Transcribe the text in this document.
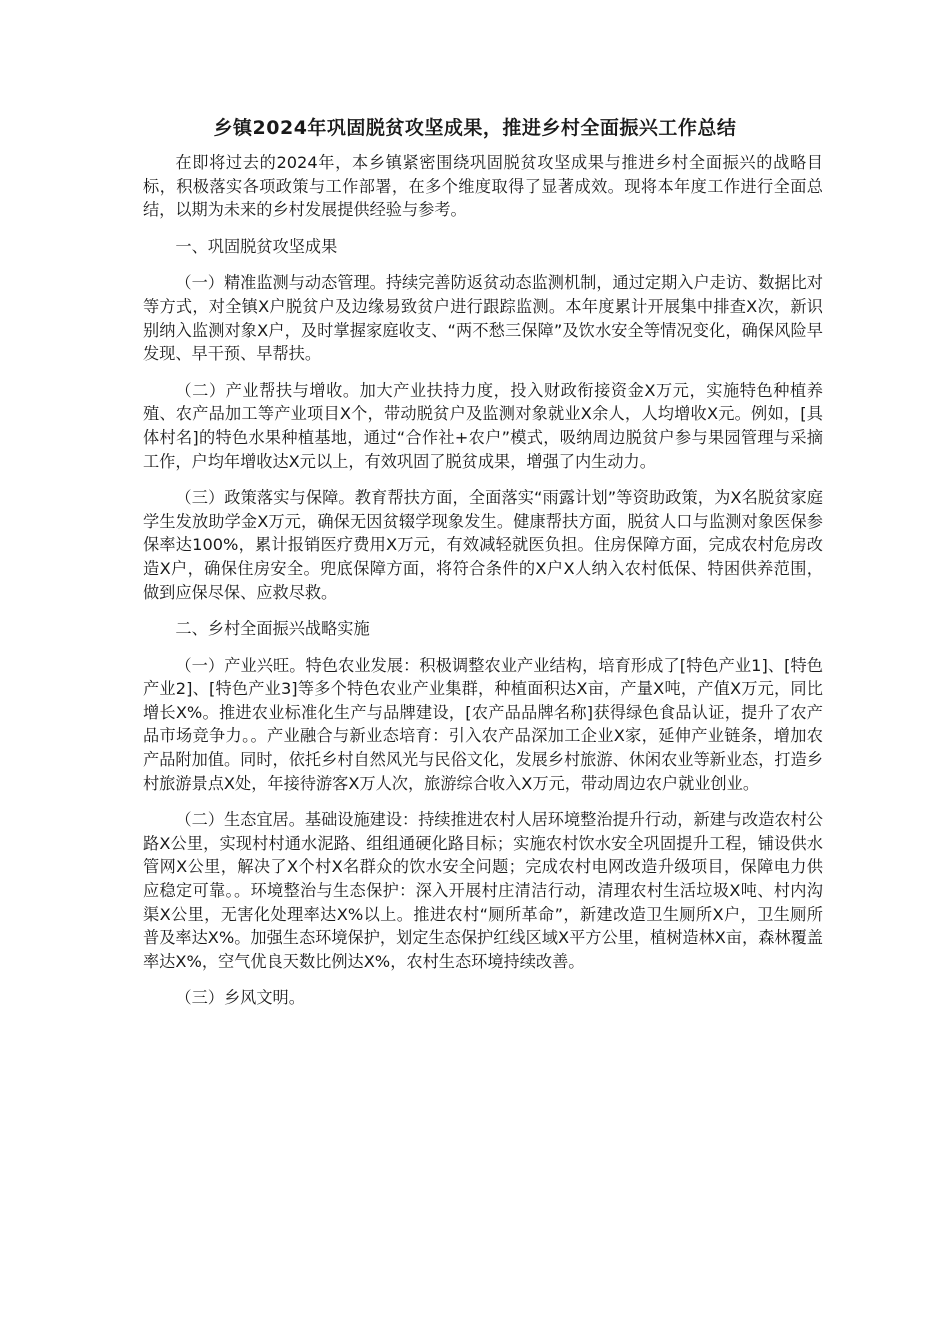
乡镇2024年巩固脱贫攻坚成果，推进乡村全面振兴工作总结

在即将过去的2024年，本乡镇紧密围绕巩固脱贫攻坚成果与推进乡村全面振兴的战略目标，积极落实各项政策与工作部署，在多个维度取得了显著成效。现将本年度工作进行全面总结，以期为未来的乡村发展提供经验与参考。

一、巩固脱贫攻坚成果

（一）精准监测与动态管理。持续完善防返贫动态监测机制，通过定期入户走访、数据比对等方式，对全镇X户脱贫户及边缘易致贫户进行跟踪监测。本年度累计开展集中排查X次，新识别纳入监测对象X户，及时掌握家庭收支、“两不愁三保障”及饮水安全等情况变化，确保风险早发现、早干预、早帮扶。

（二）产业帮扶与增收。加大产业扶持力度，投入财政衔接资金X万元，实施特色种植养殖、农产品加工等产业项目X个，带动脱贫户及监测对象就业X余人，人均增收X元。例如，[具体村名]的特色水果种植基地，通过“合作社+农户”模式，吸纳周边脱贫户参与果园管理与采摘工作，户均年增收达X元以上，有效巩固了脱贫成果，增强了内生动力。

（三）政策落实与保障。教育帮扶方面，全面落实“雨露计划”等资助政策，为X名脱贫家庭学生发放助学金X万元，确保无因贫辍学现象发生。健康帮扶方面，脱贫人口与监测对象医保参保率达100%，累计报销医疗费用X万元，有效减轻就医负担。住房保障方面，完成农村危房改造X户，确保住房安全。兜底保障方面，将符合条件的X户X人纳入农村低保、特困供养范围，做到应保尽保、应救尽救。

二、乡村全面振兴战略实施

（一）产业兴旺。特色农业发展：积极调整农业产业结构，培育形成了[特色产业1]、[特色产业2]、[特色产业3]等多个特色农业产业集群，种植面积达X亩，产量X吨，产值X万元，同比增长X%。推进农业标准化生产与品牌建设，[农产品品牌名称]获得绿色食品认证，提升了农产品市场竞争力。。产业融合与新业态培育：引入农产品深加工企业X家，延伸产业链条，增加农产品附加值。同时，依托乡村自然风光与民俗文化，发展乡村旅游、休闲农业等新业态，打造乡村旅游景点X处，年接待游客X万人次，旅游综合收入X万元，带动周边农户就业创业。

（二）生态宜居。基础设施建设：持续推进农村人居环境整治提升行动，新建与改造农村公路X公里，实现村村通水泥路、组组通硬化路目标；实施农村饮水安全巩固提升工程，铺设供水管网X公里，解决了X个村X名群众的饮水安全问题；完成农村电网改造升级项目，保障电力供应稳定可靠。。环境整治与生态保护：深入开展村庄清洁行动，清理农村生活垃圾X吨、村内沟渠X公里，无害化处理率达X%以上。推进农村“厕所革命”，新建改造卫生厕所X户，卫生厕所普及率达X%。加强生态环境保护，划定生态保护红线区域X平方公里，植树造林X亩，森林覆盖率达X%，空气优良天数比例达X%，农村生态环境持续改善。

（三）乡风文明。
